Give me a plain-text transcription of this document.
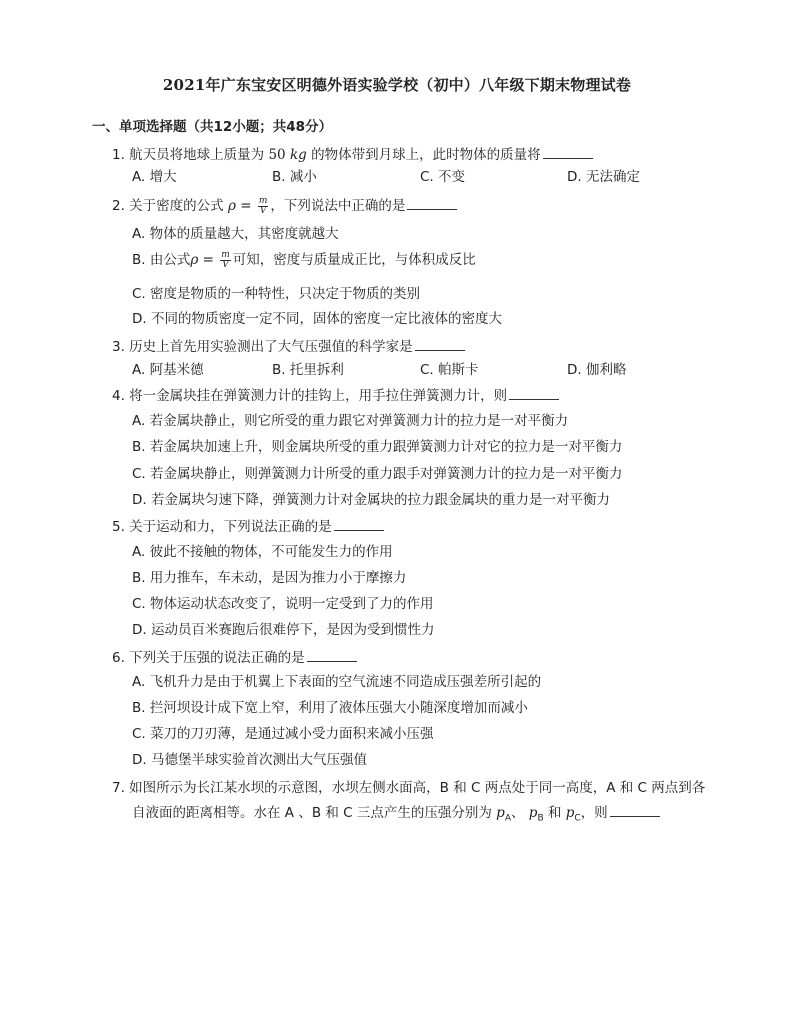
2021年广东宝安区明德外语实验学校（初中）八年级下期末物理试卷
一、单项选择题（共12小题；共48分）
1. 航天员将地球上质量为 50 kg 的物体带到月球上，此时物体的质量将
A. 增大	B. 减小	C. 不变	D. 无法确定
2. 关于密度的公式 $\rho = \frac{m}{V}$ ，下列说法中正确的是
A. 物体的质量越大，其密度就越大
B. 由公式$\rho = \frac{m}{V}$ 可知，密度与质量成正比，与体积成反比
C. 密度是物质的一种特性，只决定于物质的类别
D. 不同的物质密度一定不同，固体的密度一定比液体的密度大
3. 历史上首先用实验测出了大气压强值的科学家是
A. 阿基米德	B. 托里拆利	C. 帕斯卡	D. 伽利略
4. 将一金属块挂在弹簧测力计的挂钩上，用手拉住弹簧测力计，则
A. 若金属块静止，则它所受的重力跟它对弹簧测力计的拉力是一对平衡力
B. 若金属块加速上升，则金属块所受的重力跟弹簧测力计对它的拉力是一对平衡力
C. 若金属块静止，则弹簧测力计所受的重力跟手对弹簧测力计的拉力是一对平衡力
D. 若金属块匀速下降，弹簧测力计对金属块的拉力跟金属块的重力是一对平衡力
5. 关于运动和力，下列说法正确的是
A. 彼此不接触的物体，不可能发生力的作用
B. 用力推车，车未动，是因为推力小于摩擦力
C. 物体运动状态改变了，说明一定受到了力的作用
D. 运动员百米赛跑后很难停下，是因为受到惯性力
6. 下列关于压强的说法正确的是
A. 飞机升力是由于机翼上下表面的空气流速不同造成压强差所引起的
B. 拦河坝设计成下宽上窄，利用了液体压强大小随深度增加而减小
C. 菜刀的刀刃薄，是通过减小受力面积来减小压强
D. 马德堡半球实验首次测出大气压强值
7. 如图所示为长江某水坝的示意图，水坝左侧水面高，B 和 C 两点处于同一高度，A 和 C 两点到各
自液面的距离相等。水在 A 、B 和 C 三点产生的压强分别为 $p_A$、 $p_B$ 和 $p_C$，则
